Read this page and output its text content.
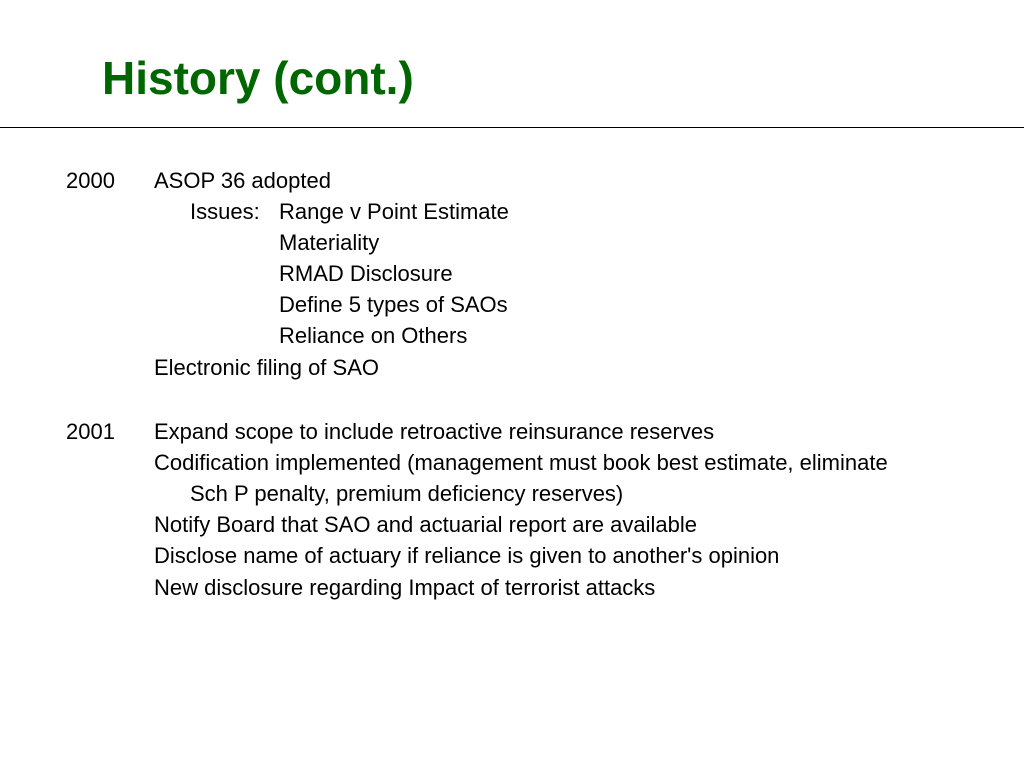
History (cont.)
2000 ASOP 36 adopted
Issues: Range v Point Estimate
Materiality
RMAD Disclosure
Define 5 types of SAOs
Reliance on Others
Electronic filing of SAO
2001 Expand scope to include retroactive reinsurance reserves
Codification implemented (management must book best estimate, eliminate
Sch P penalty, premium deficiency reserves)
Notify Board that SAO and actuarial report are available
Disclose name of actuary if reliance is given to another's opinion
New disclosure regarding Impact of terrorist attacks
